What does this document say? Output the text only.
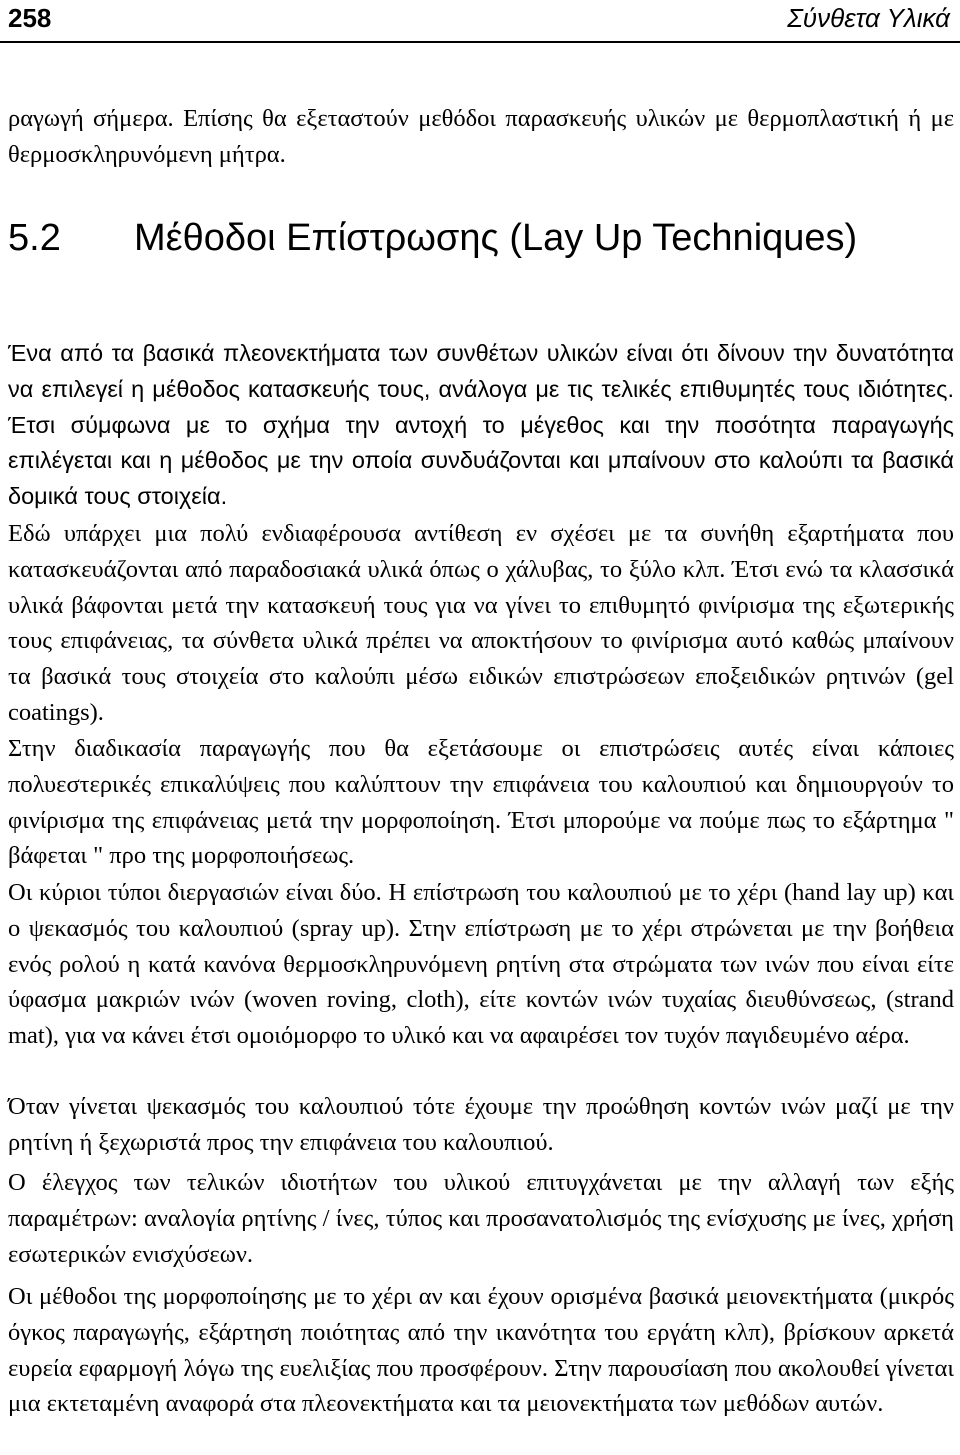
258	Σύνθετα Υλικά

ραγωγή σήμερα. Επίσης θα εξεταστούν μεθόδοι παρασκευής υλικών με θερμοπλαστική ή με θερμοσκληρυνόμενη μήτρα.

5.2 Μέθοδοι Επίστρωσης (Lay Up Techniques)

Ένα από τα βασικά πλεονεκτήματα των συνθέτων υλικών είναι ότι δίνουν την δυνατότητα να επιλεγεί η μέθοδος κατασκευής τους, ανάλογα με τις τελικές επιθυμητές τους ιδιότητες. Έτσι σύμφωνα με το σχήμα την αντοχή το μέγεθος και την ποσότητα παραγωγής επιλέγεται και η μέθοδος με την οποία συνδυάζονται και μπαίνουν στο καλούπι τα βασικά δομικά τους στοιχεία.

Εδώ υπάρχει μια πολύ ενδιαφέρουσα αντίθεση εν σχέσει με τα συνήθη εξαρτήματα που κατασκευάζονται από παραδοσιακά υλικά όπως ο χάλυβας, το ξύλο κλπ. Έτσι ενώ τα κλασσικά υλικά βάφονται μετά την κατασκευή τους για να γίνει το επιθυμητό φινίρισμα της εξωτερικής τους επιφάνειας, τα σύνθετα υλικά πρέπει να αποκτήσουν το φινίρισμα αυτό καθώς μπαίνουν τα βασικά τους στοιχεία στο καλούπι μέσω ειδικών επιστρώσεων εποξειδικών ρητινών (gel coatings).

Στην διαδικασία παραγωγής που θα εξετάσουμε οι επιστρώσεις αυτές είναι κάποιες πολυεστερικές επικαλύψεις που καλύπτουν την επιφάνεια του καλουπιού και δημιουργούν το φινίρισμα της επιφάνειας μετά την μορφοποίηση. Έτσι μπορούμε να πούμε πως το εξάρτημα " βάφεται " προ της μορφοποιήσεως.

Οι κύριοι τύποι διεργασιών είναι δύο. Η επίστρωση του καλουπιού με το χέρι (hand lay up) και ο ψεκασμός του καλουπιού (spray up). Στην επίστρωση με το χέρι στρώνεται με την βοήθεια ενός ρολού η κατά κανόνα θερμοσκληρυνόμενη ρητίνη στα στρώματα των ινών που είναι είτε ύφασμα μακριών ινών (woven roving, cloth), είτε κοντών ινών τυχαίας διευθύνσεως, (strand mat), για να κάνει έτσι ομοιόμορφο το υλικό και να αφαιρέσει τον τυχόν παγιδευμένο αέρα.

Όταν γίνεται ψεκασμός του καλουπιού τότε έχουμε την προώθηση κοντών ινών μαζί με την ρητίνη ή ξεχωριστά προς την επιφάνεια του καλουπιού.

Ο έλεγχος των τελικών ιδιοτήτων του υλικού επιτυγχάνεται με την αλλαγή των εξής παραμέτρων: αναλογία ρητίνης / ίνες, τύπος και προσανατολισμός της ενίσχυσης με ίνες, χρήση εσωτερικών ενισχύσεων.

Οι μέθοδοι της μορφοποίησης με το χέρι αν και έχουν ορισμένα βασικά μειονεκτήματα (μικρός όγκος παραγωγής, εξάρτηση ποιότητας από την ικανότητα του εργάτη κλπ), βρίσκουν αρκετά ευρεία εφαρμογή λόγω της ευελιξίας που προσφέρουν. Στην παρουσίαση που ακολουθεί γίνεται μια εκτεταμένη αναφορά στα πλεονεκτήματα και τα μειονεκτήματα των μεθόδων αυτών.
